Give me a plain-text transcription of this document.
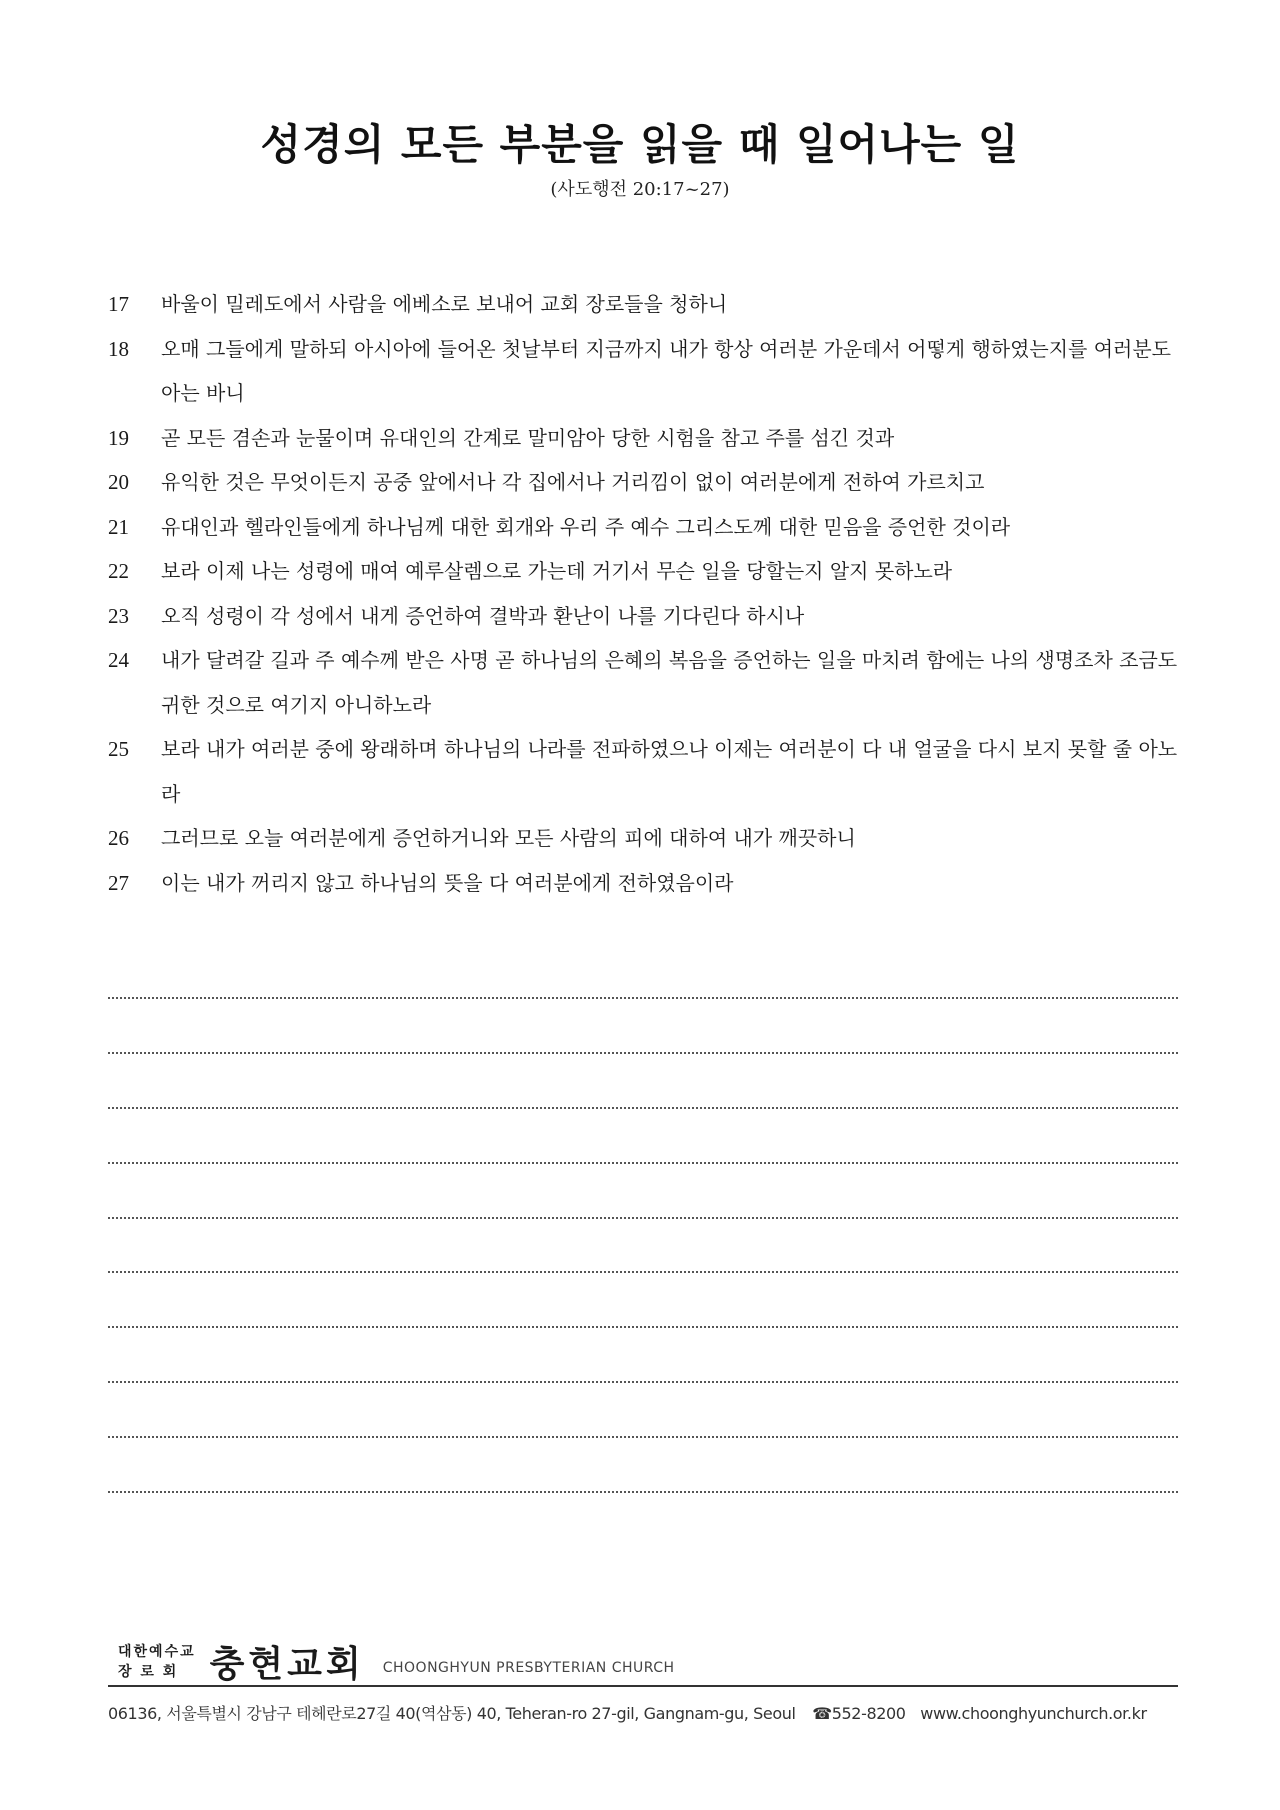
성경의 모든 부분을 읽을 때 일어나는 일
(사도행전 20:17~27)
17	바울이 밀레도에서 사람을 에베소로 보내어 교회 장로들을 청하니
18	오매 그들에게 말하되 아시아에 들어온 첫날부터 지금까지 내가 항상 여러분 가운데서 어떻게 행하였는지를 여러분도 아는 바니
19	곧 모든 겸손과 눈물이며 유대인의 간계로 말미암아 당한 시험을 참고 주를 섬긴 것과
20	유익한 것은 무엇이든지 공중 앞에서나 각 집에서나 거리낌이 없이 여러분에게 전하여 가르치고
21	유대인과 헬라인들에게 하나님께 대한 회개와 우리 주 예수 그리스도께 대한 믿음을 증언한 것이라
22	보라 이제 나는 성령에 매여 예루살렘으로 가는데 거기서 무슨 일을 당할는지 알지 못하노라
23	오직 성령이 각 성에서 내게 증언하여 결박과 환난이 나를 기다린다 하시나
24	내가 달려갈 길과 주 예수께 받은 사명 곧 하나님의 은혜의 복음을 증언하는 일을 마치려 함에는 나의 생명조차 조금도 귀한 것으로 여기지 아니하노라
25	보라 내가 여러분 중에 왕래하며 하나님의 나라를 전파하였으나 이제는 여러분이 다 내 얼굴을 다시 보지 못할 줄 아노라
26	그러므로 오늘 여러분에게 증언하거니와 모든 사람의 피에 대하여 내가 깨끗하니
27	이는 내가 꺼리지 않고 하나님의 뜻을 다 여러분에게 전하였음이라
대한예수교
장 로 회 충현교회 CHOONGHYUN PRESBYTERIAN CHURCH
06136, 서울특별시 강남구 테헤란로27길 40(역삼동) 40, Teheran-ro 27-gil, Gangnam-gu, Seoul ☎552-8200 www.choonghyunchurch.or.kr
